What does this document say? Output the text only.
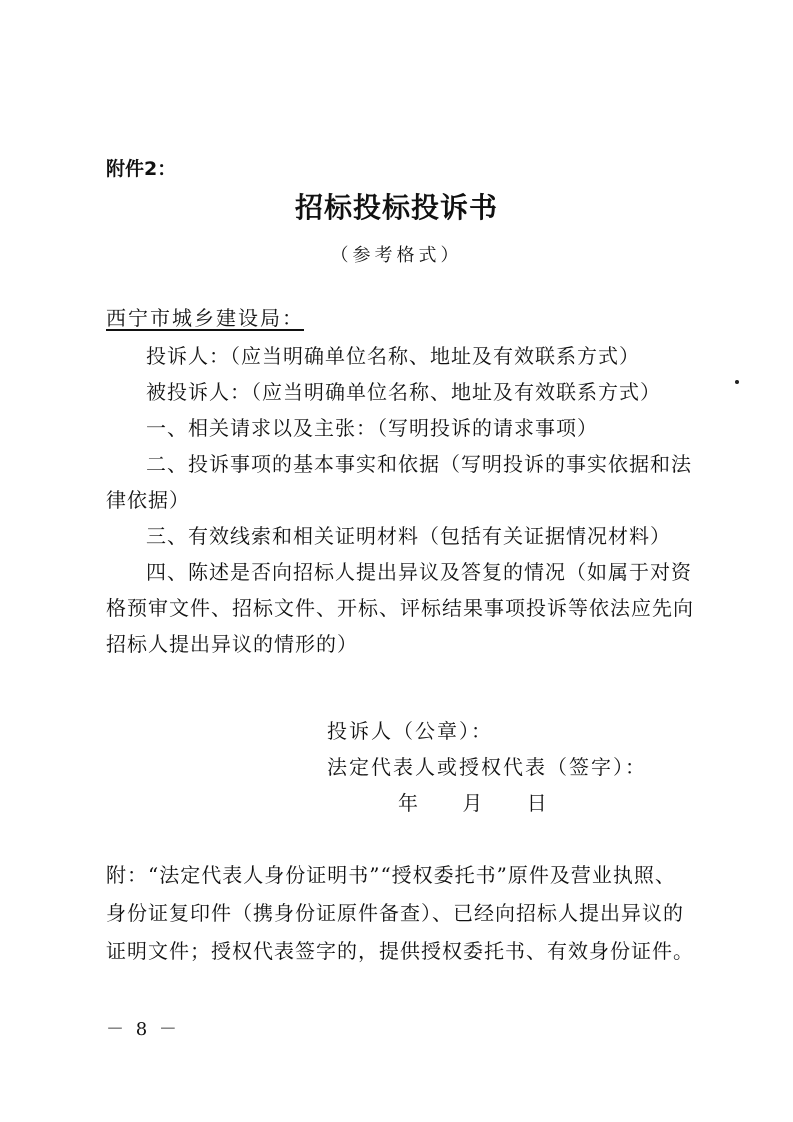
附件2：
招标投标投诉书
（参考格式）
西宁市城乡建设局：

投诉人：（应当明确单位名称、地址及有效联系方式）

被投诉人：（应当明确单位名称、地址及有效联系方式）

一、相关请求以及主张：（写明投诉的请求事项）

二、投诉事项的基本事实和依据（写明投诉的事实依据和法律依据）

三、有效线索和相关证明材料（包括有关证据情况材料）

四、陈述是否向招标人提出异议及答复的情况（如属于对资格预审文件、招标文件、开标、评标结果事项投诉等依法应先向招标人提出异议的情形的）

投诉人（公章）：
法定代表人或授权代表（签字）：
年　 月　 日
附：“法定代表人身份证明书”“授权委托书”原件及营业执照、身份证复印件（携身份证原件备查）、已经向招标人提出异议的证明文件；授权代表签字的，提供授权委托书、有效身份证件。
－ 8 －
